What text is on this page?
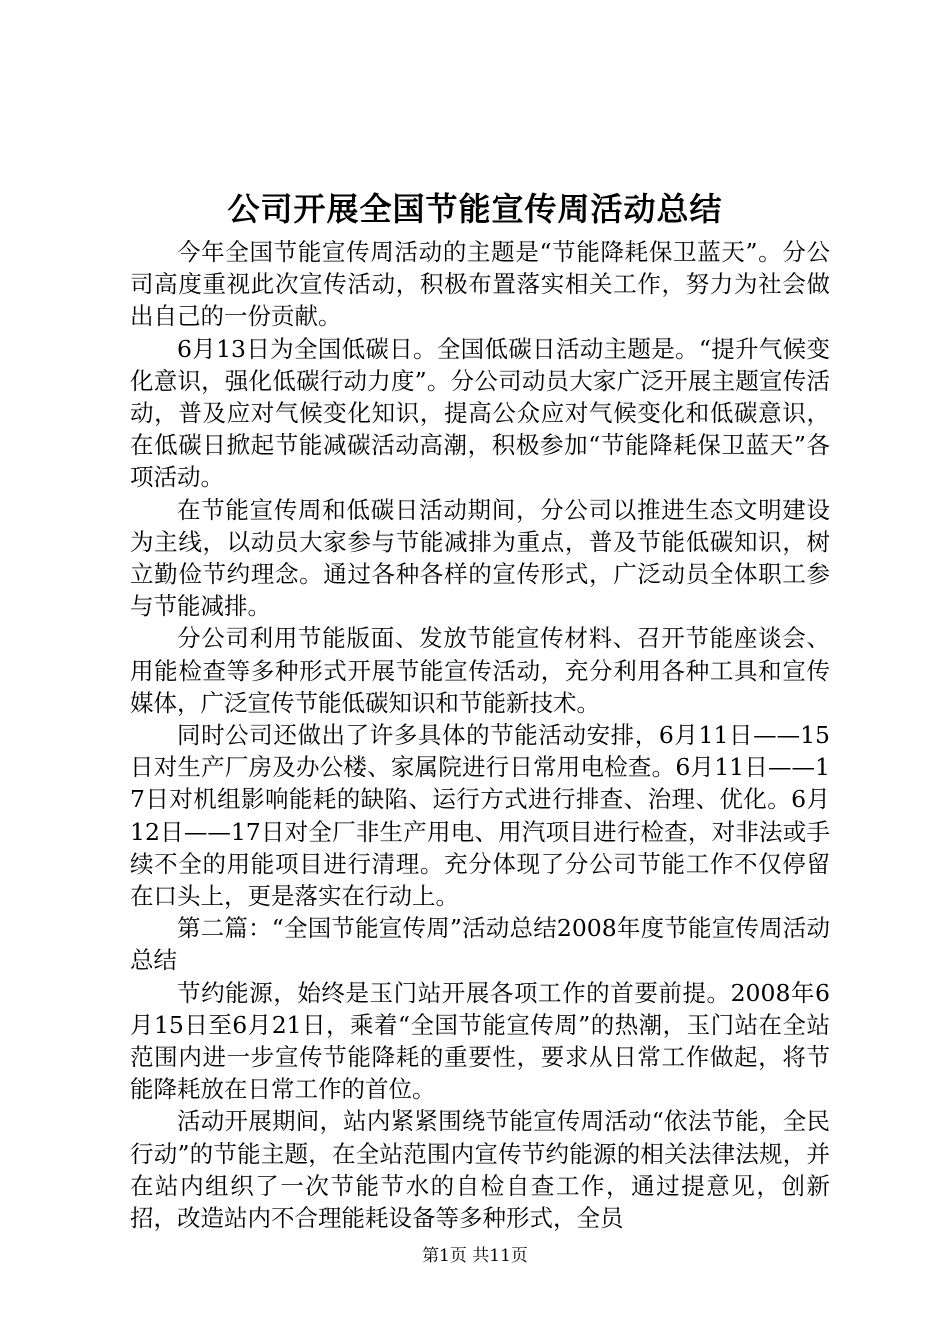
公司开展全国节能宣传周活动总结

今年全国节能宣传周活动的主题是“节能降耗保卫蓝天”。分公司高度重视此次宣传活动，积极布置落实相关工作，努力为社会做出自己的一份贡献。

6月13日为全国低碳日。全国低碳日活动主题是。“提升气候变化意识，强化低碳行动力度”。分公司动员大家广泛开展主题宣传活动，普及应对气候变化知识，提高公众应对气候变化和低碳意识，在低碳日掀起节能减碳活动高潮，积极参加“节能降耗保卫蓝天”各项活动。

在节能宣传周和低碳日活动期间，分公司以推进生态文明建设为主线，以动员大家参与节能减排为重点，普及节能低碳知识，树立勤俭节约理念。通过各种各样的宣传形式，广泛动员全体职工参与节能减排。

分公司利用节能版面、发放节能宣传材料、召开节能座谈会、用能检查等多种形式开展节能宣传活动，充分利用各种工具和宣传媒体，广泛宣传节能低碳知识和节能新技术。

同时公司还做出了许多具体的节能活动安排，6月11日——15日对生产厂房及办公楼、家属院进行日常用电检查。6月11日——17日对机组影响能耗的缺陷、运行方式进行排查、治理、优化。6月12日——17日对全厂非生产用电、用汽项目进行检查，对非法或手续不全的用能项目进行清理。充分体现了分公司节能工作不仅停留在口头上，更是落实在行动上。

第二篇：“全国节能宣传周”活动总结2008年度节能宣传周活动总结

节约能源，始终是玉门站开展各项工作的首要前提。2008年6月15日至6月21日，乘着“全国节能宣传周”的热潮，玉门站在全站范围内进一步宣传节能降耗的重要性，要求从日常工作做起，将节能降耗放在日常工作的首位。

活动开展期间，站内紧紧围绕节能宣传周活动“依法节能，全民行动”的节能主题，在全站范围内宣传节约能源的相关法律法规，并在站内组织了一次节能节水的自检自查工作，通过提意见，创新招，改造站内不合理能耗设备等多种形式，全员

第1页 共11页
